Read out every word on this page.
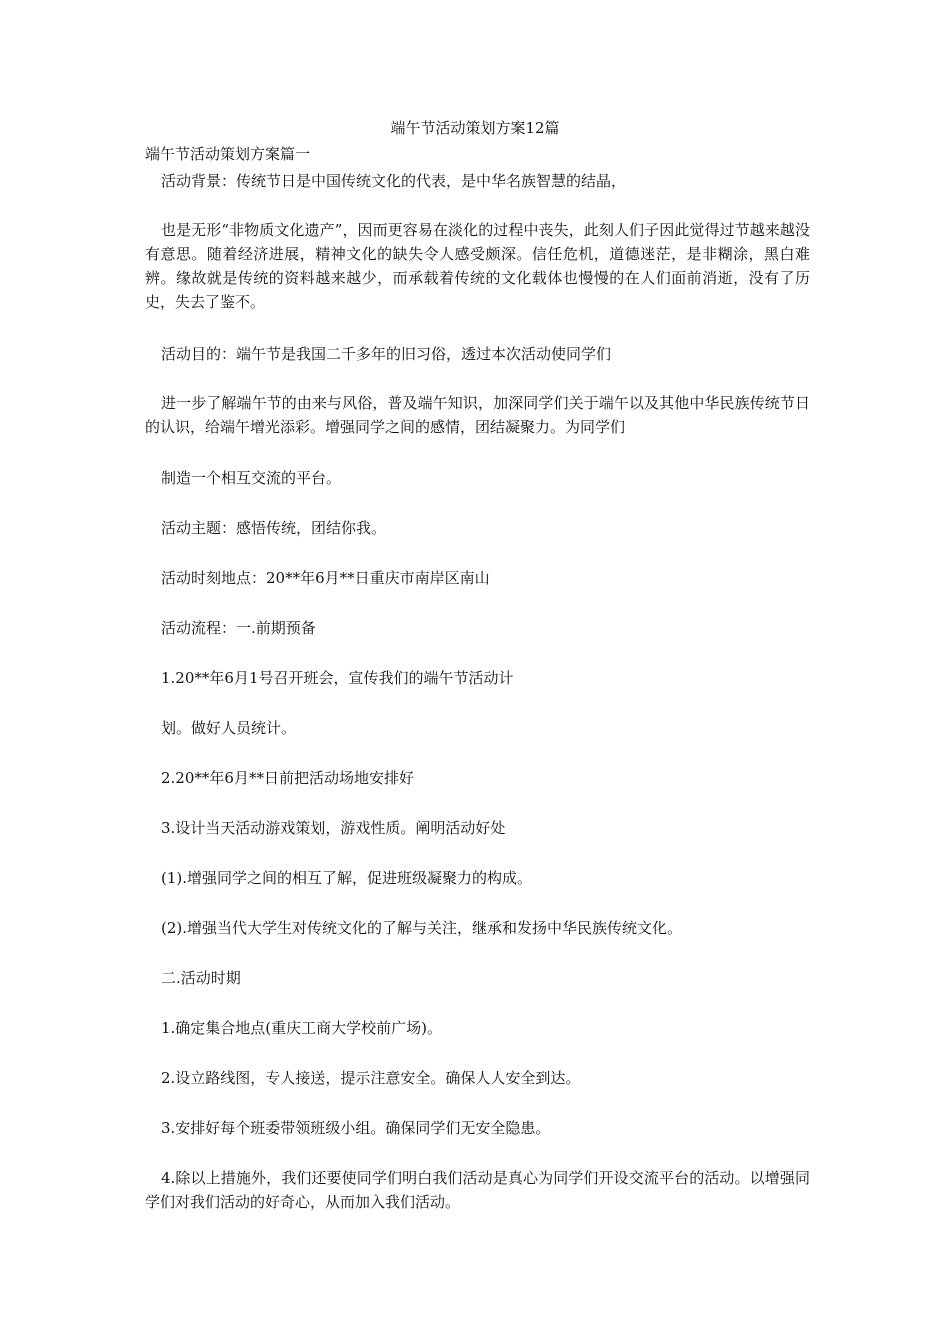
端午节活动策划方案12篇
端午节活动策划方案篇一
活动背景：传统节日是中国传统文化的代表，是中华名族智慧的结晶，
也是无形“非物质文化遗产”，因而更容易在淡化的过程中丧失，此刻人们子因此觉得过节越来越没有意思。随着经济进展，精神文化的缺失令人感受颇深。信任危机，道德迷茫，是非糊涂，黑白难辨。缘故就是传统的资料越来越少，而承载着传统的文化载体也慢慢的在人们面前消逝，没有了历史，失去了鉴不。
活动目的：端午节是我国二千多年的旧习俗，透过本次活动使同学们
进一步了解端午节的由来与风俗，普及端午知识，加深同学们关于端午以及其他中华民族传统节日的认识，给端午增光添彩。增强同学之间的感情，团结凝聚力。为同学们
制造一个相互交流的平台。
活动主题：感悟传统，团结你我。
活动时刻地点：20**年6月**日重庆市南岸区南山
活动流程：一.前期预备
1.20**年6月1号召开班会，宣传我们的端午节活动计
划。做好人员统计。
2.20**年6月**日前把活动场地安排好
3.设计当天活动游戏策划，游戏性质。阐明活动好处
(1).增强同学之间的相互了解，促进班级凝聚力的构成。
(2).增强当代大学生对传统文化的了解与关注，继承和发扬中华民族传统文化。
二.活动时期
1.确定集合地点(重庆工商大学校前广场)。
2.设立路线图，专人接送，提示注意安全。确保人人安全到达。
3.安排好每个班委带领班级小组。确保同学们无安全隐患。
4.除以上措施外，我们还要使同学们明白我们活动是真心为同学们开设交流平台的活动。以增强同学们对我们活动的好奇心，从而加入我们活动。
